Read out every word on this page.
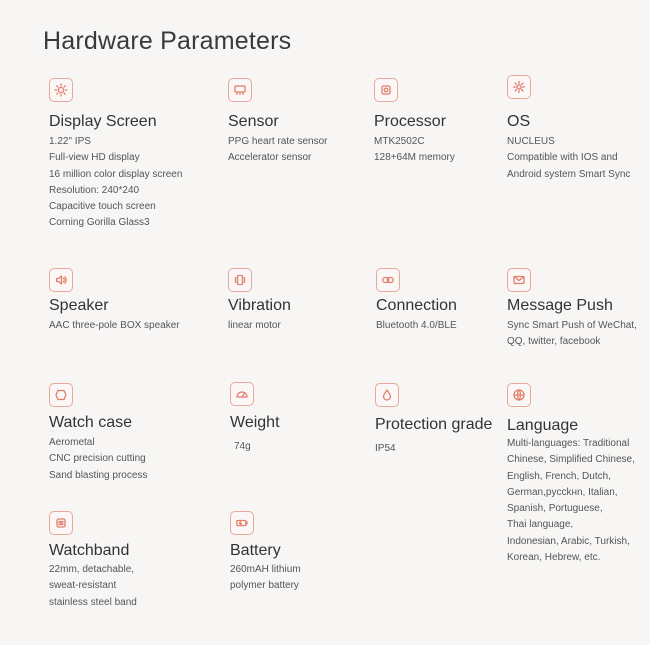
Hardware Parameters
Display Screen
1.22" IPS
Full-view HD display
16 million color display screen
Resolution: 240*240
Capacitive touch screen
Corning Gorilla Glass3
Sensor
PPG heart rate sensor
Accelerator sensor
Processor
MTK2502C
128+64M memory
OS
NUCLEUS
Compatible with IOS and
Android system Smart Sync
Speaker
AAC three-pole BOX speaker
Vibration
linear motor
Connection
Bluetooth 4.0/BLE
Message Push
Sync Smart Push of WeChat,
QQ, twitter, facebook
Watch case
Aerometal
CNC precision cutting
Sand blasting process
Weight
74g
Protection grade
IP54
Language
Multi-languages: Traditional
Chinese, Simplified Chinese,
English, French, Dutch,
German,pycckнn, Italian,
Spanish, Portuguese,
Thai language,
Indonesian, Arabic, Turkish,
Korean, Hebrew, etc.
Watchband
22mm, detachable,
sweat-resistant
stainless steel band
Battery
260mAH lithium
polymer battery
